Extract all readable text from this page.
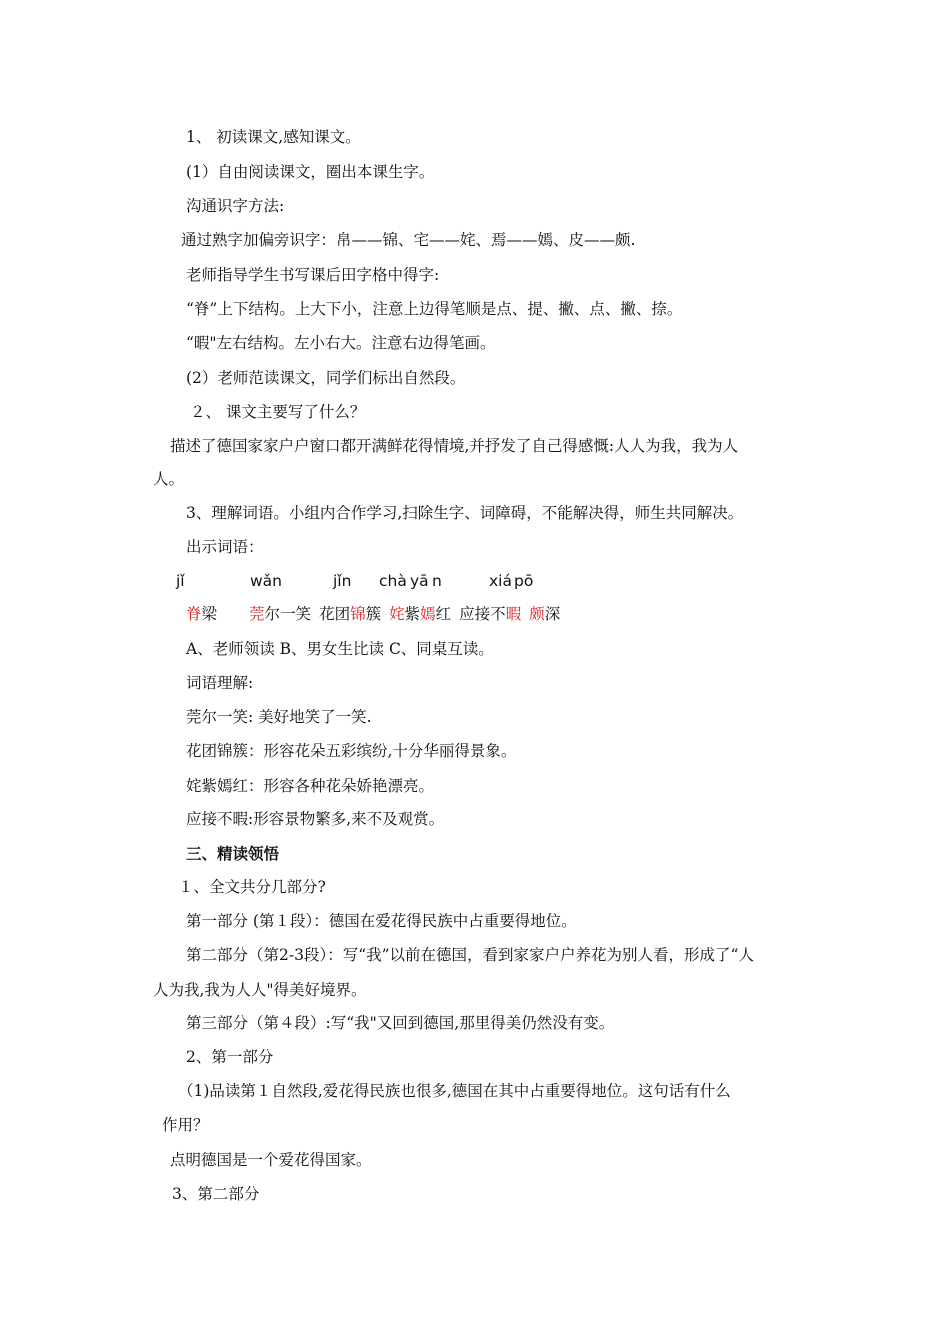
1、 初读课文,感知课文。
(1）自由阅读课文，圈出本课生字。
沟通识字方法:
通过熟字加偏旁识字：帛——锦、宅——姹、焉——嫣、皮——颇.
老师指导学生书写课后田字格中得字:
“脊”上下结构。上大下小，注意上边得笔顺是点、提、撇、点、撇、捺。
“暇"左右结构。左小右大。注意右边得笔画。
(2）老师范读课文，同学们标出自然段。
２、 课文主要写了什么？
描述了德国家家户户窗口都开满鲜花得情境,并抒发了自己得感慨:人人为我，我为人
人。
3、理解词语。小组内合作学习,扫除生字、词障碍，不能解决得，师生共同解决。
出示词语：
jǐ	wǎn	jǐn chà yā n	xiá pō
脊梁 莞尔一笑 花团锦簇 姹紫嫣红 应接不暇 颇深
A、老师领读 B、男女生比读 C、同桌互读。
词语理解:
莞尔一笑: 美好地笑了一笑.
花团锦簇：形容花朵五彩缤纷,十分华丽得景象。
姹紫嫣红：形容各种花朵娇艳漂亮。
应接不暇:形容景物繁多,来不及观赏。
三、精读领悟
１、全文共分几部分?
第一部分 (第１段）：德国在爱花得民族中占重要得地位。
第二部分（第2-3段）：写“我”以前在德国，看到家家户户养花为别人看，形成了“人
人为我,我为人人"得美好境界。
第三部分（第４段）:写“我"又回到德国,那里得美仍然没有变。
2、第一部分
（1)品读第１自然段,爱花得民族也很多,德国在其中占重要得地位。这句话有什么
作用？
点明德国是一个爱花得国家。
3、第二部分
